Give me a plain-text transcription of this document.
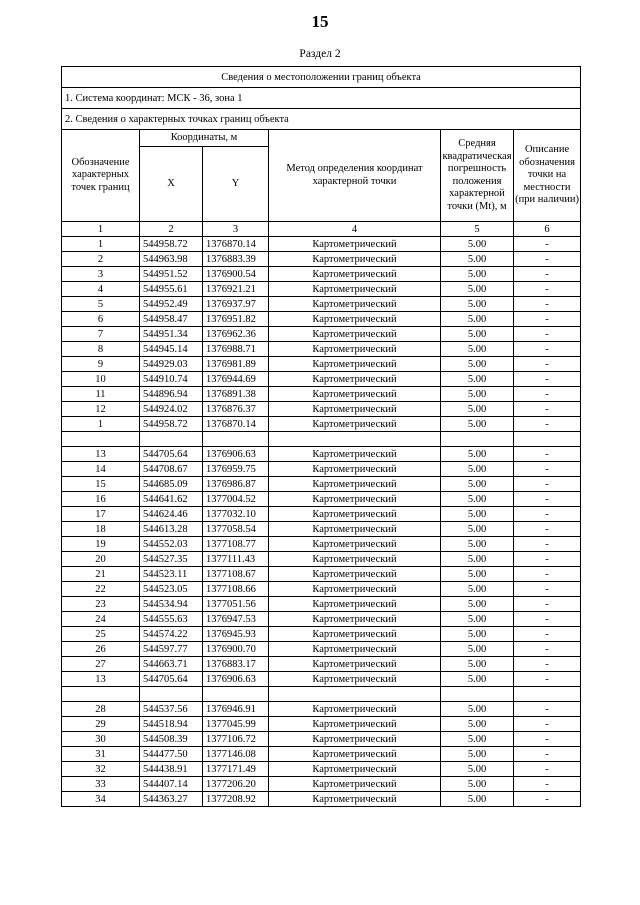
15
Раздел 2
Сведения о местоположении границ объекта					
1. Система координат: МСК - 36, зона 1					
2. Сведения о характерных точках границ объекта					
Обозначение характерных точек границ	Координаты, м		Метод определения координат характерной точки	Средняя квадратическая погрешность положения характерной точки (Mt), м	Описание обозначения точки на местности (при наличии)
	X	Y			
1	2	3	4	5	6
1	544958.72	1376870.14	Картометрический	5.00	-
2	544963.98	1376883.39	Картометрический	5.00	-
3	544951.52	1376900.54	Картометрический	5.00	-
4	544955.61	1376921.21	Картометрический	5.00	-
5	544952.49	1376937.97	Картометрический	5.00	-
6	544958.47	1376951.82	Картометрический	5.00	-
7	544951.34	1376962.36	Картометрический	5.00	-
8	544945.14	1376988.71	Картометрический	5.00	-
9	544929.03	1376981.89	Картометрический	5.00	-
10	544910.74	1376944.69	Картометрический	5.00	-
11	544896.94	1376891.38	Картометрический	5.00	-
12	544924.02	1376876.37	Картометрический	5.00	-
1	544958.72	1376870.14	Картометрический	5.00	-

13	544705.64	1376906.63	Картометрический	5.00	-
14	544708.67	1376959.75	Картометрический	5.00	-
15	544685.09	1376986.87	Картометрический	5.00	-
16	544641.62	1377004.52	Картометрический	5.00	-
17	544624.46	1377032.10	Картометрический	5.00	-
18	544613.28	1377058.54	Картометрический	5.00	-
19	544552.03	1377108.77	Картометрический	5.00	-
20	544527.35	1377111.43	Картометрический	5.00	-
21	544523.11	1377108.67	Картометрический	5.00	-
22	544523.05	1377108.66	Картометрический	5.00	-
23	544534.94	1377051.56	Картометрический	5.00	-
24	544555.63	1376947.53	Картометрический	5.00	-
25	544574.22	1376945.93	Картометрический	5.00	-
26	544597.77	1376900.70	Картометрический	5.00	-
27	544663.71	1376883.17	Картометрический	5.00	-
13	544705.64	1376906.63	Картометрический	5.00	-

28	544537.56	1376946.91	Картометрический	5.00	-
29	544518.94	1377045.99	Картометрический	5.00	-
30	544508.39	1377106.72	Картометрический	5.00	-
31	544477.50	1377146.08	Картометрический	5.00	-
32	544438.91	1377171.49	Картометрический	5.00	-
33	544407.14	1377206.20	Картометрический	5.00	-
34	544363.27	1377208.92	Картометрический	5.00	-
